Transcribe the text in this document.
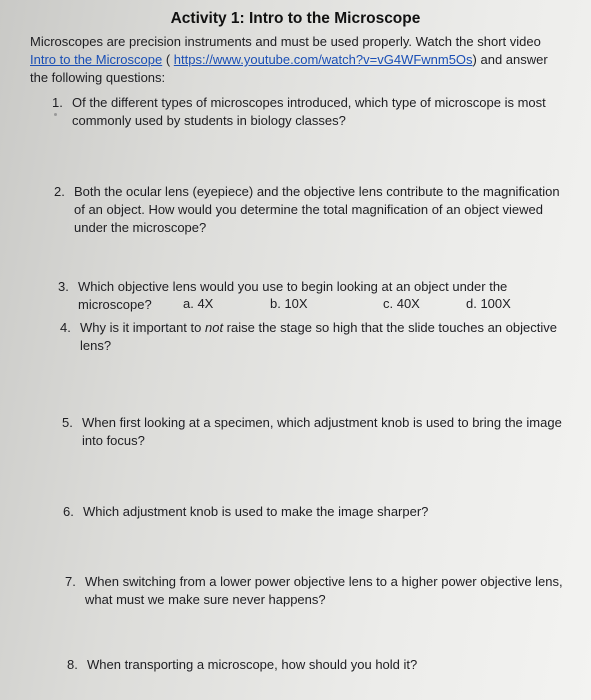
Activity 1: Intro to the Microscope
Microscopes are precision instruments and must be used properly. Watch the short video
Intro to the Microscope ( https://www.youtube.com/watch?v=vG4WFwnm5Os) and answer
the following questions:
1. Of the different types of microscopes introduced, which type of microscope is most
commonly used by students in biology classes?
2. Both the ocular lens (eyepiece) and the objective lens contribute to the magnification
of an object. How would you determine the total magnification of an object viewed
under the microscope?
3. Which objective lens would you use to begin looking at an object under the
microscope?	a. 4X	b. 10X	c. 40X	d. 100X
4. Why is it important to not raise the stage so high that the slide touches an objective
lens?
5. When first looking at a specimen, which adjustment knob is used to bring the image
into focus?
6. Which adjustment knob is used to make the image sharper?
7. When switching from a lower power objective lens to a higher power objective lens,
what must we make sure never happens?
8. When transporting a microscope, how should you hold it?
